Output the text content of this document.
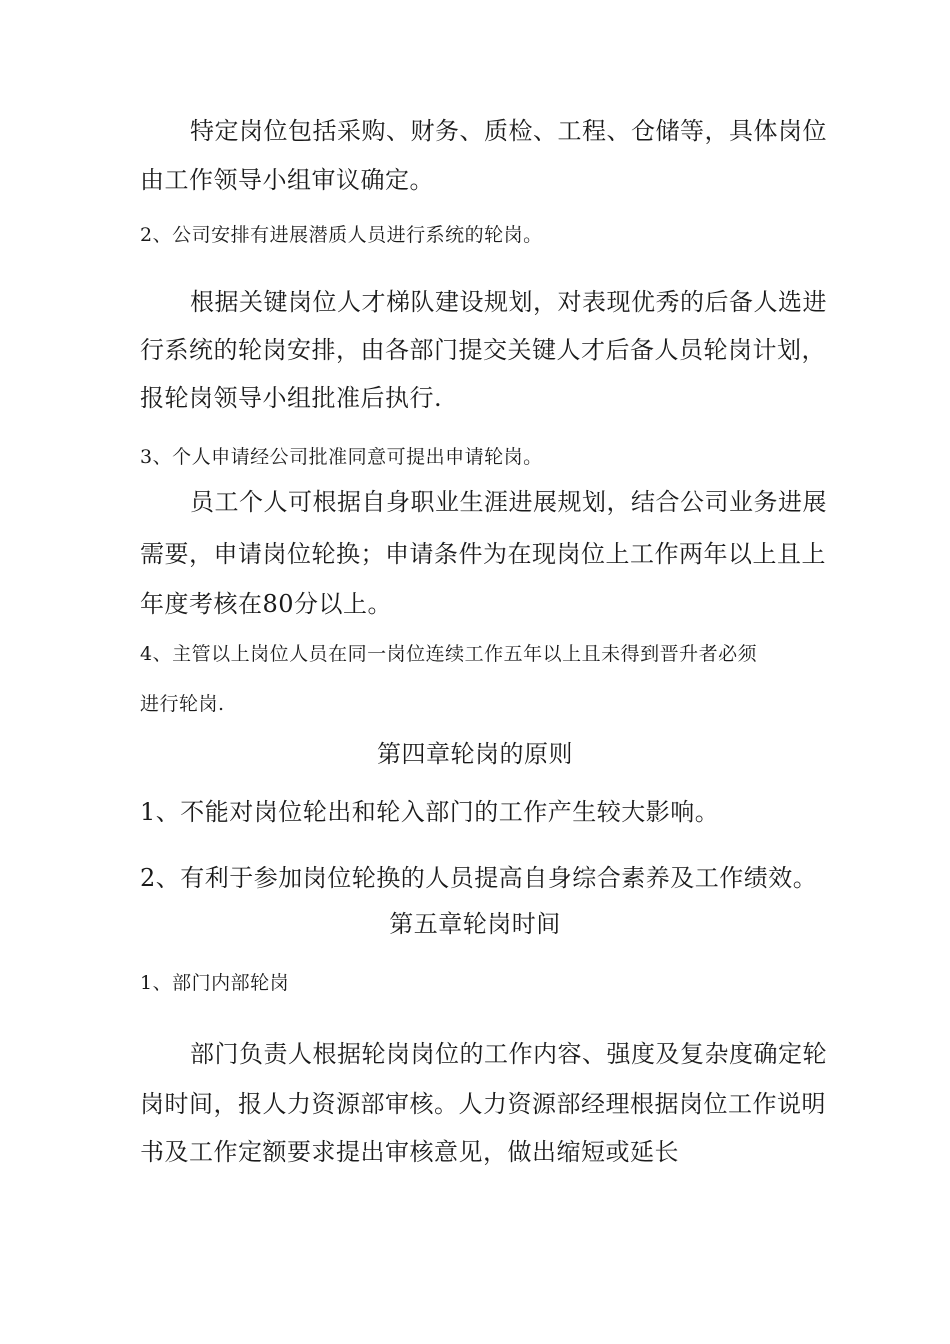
特定岗位包括采购、财务、质检、工程、仓储等，具体岗位
由工作领导小组审议确定。
2、公司安排有进展潜质人员进行系统的轮岗。
根据关键岗位人才梯队建设规划，对表现优秀的后备人选进
行系统的轮岗安排，由各部门提交关键人才后备人员轮岗计划，
报轮岗领导小组批准后执行.
3、个人申请经公司批准同意可提出申请轮岗。
员工个人可根据自身职业生涯进展规划，结合公司业务进展
需要，申请岗位轮换；申请条件为在现岗位上工作两年以上且上
年度考核在80分以上。
4、主管以上岗位人员在同一岗位连续工作五年以上且未得到晋升者必须
进行轮岗.
第四章轮岗的原则
1、不能对岗位轮出和轮入部门的工作产生较大影响。
2、有利于参加岗位轮换的人员提高自身综合素养及工作绩效。
第五章轮岗时间
1、部门内部轮岗
部门负责人根据轮岗岗位的工作内容、强度及复杂度确定轮
岗时间，报人力资源部审核。人力资源部经理根据岗位工作说明
书及工作定额要求提出审核意见，做出缩短或延长
